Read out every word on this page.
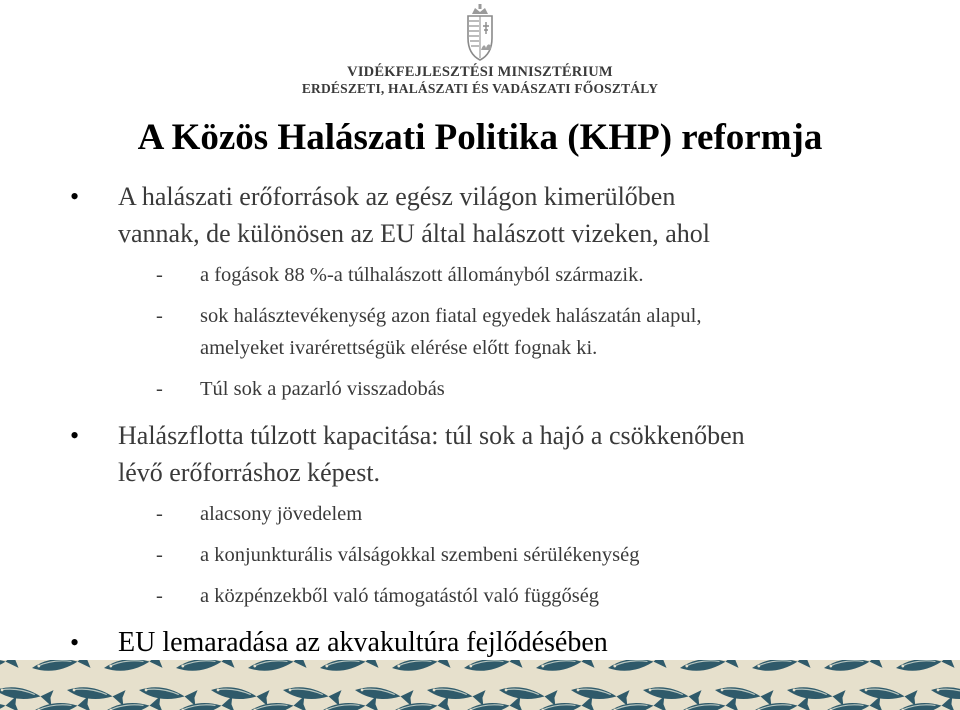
VIDÉKFEJLESZTÉSI MINISZTÉRIUM
ERDÉSZETI, HALÁSZATI ÉS VADÁSZATI FŐOSZTÁLY
A Közös Halászati Politika (KHP) reformja
• A halászati erőforrások az egész világon kimerülőben
vannak, de különösen az EU által halászott vizeken, ahol
- a fogások 88 %-a túlhalászott állományból származik.
- sok halásztevékenység azon fiatal egyedek halászatán alapul,
amelyeket ivarérettségük elérése előtt fognak ki.
- Túl sok a pazarló visszadobás
• Halászflotta túlzott kapacitása: túl sok a hajó a csökkenőben
lévő erőforráshoz képest.
- alacsony jövedelem
- a konjunkturális válságokkal szembeni sérülékenység
- a közpénzekből való támogatástól való függőség
• EU lemaradása az akvakultúra fejlődésében
